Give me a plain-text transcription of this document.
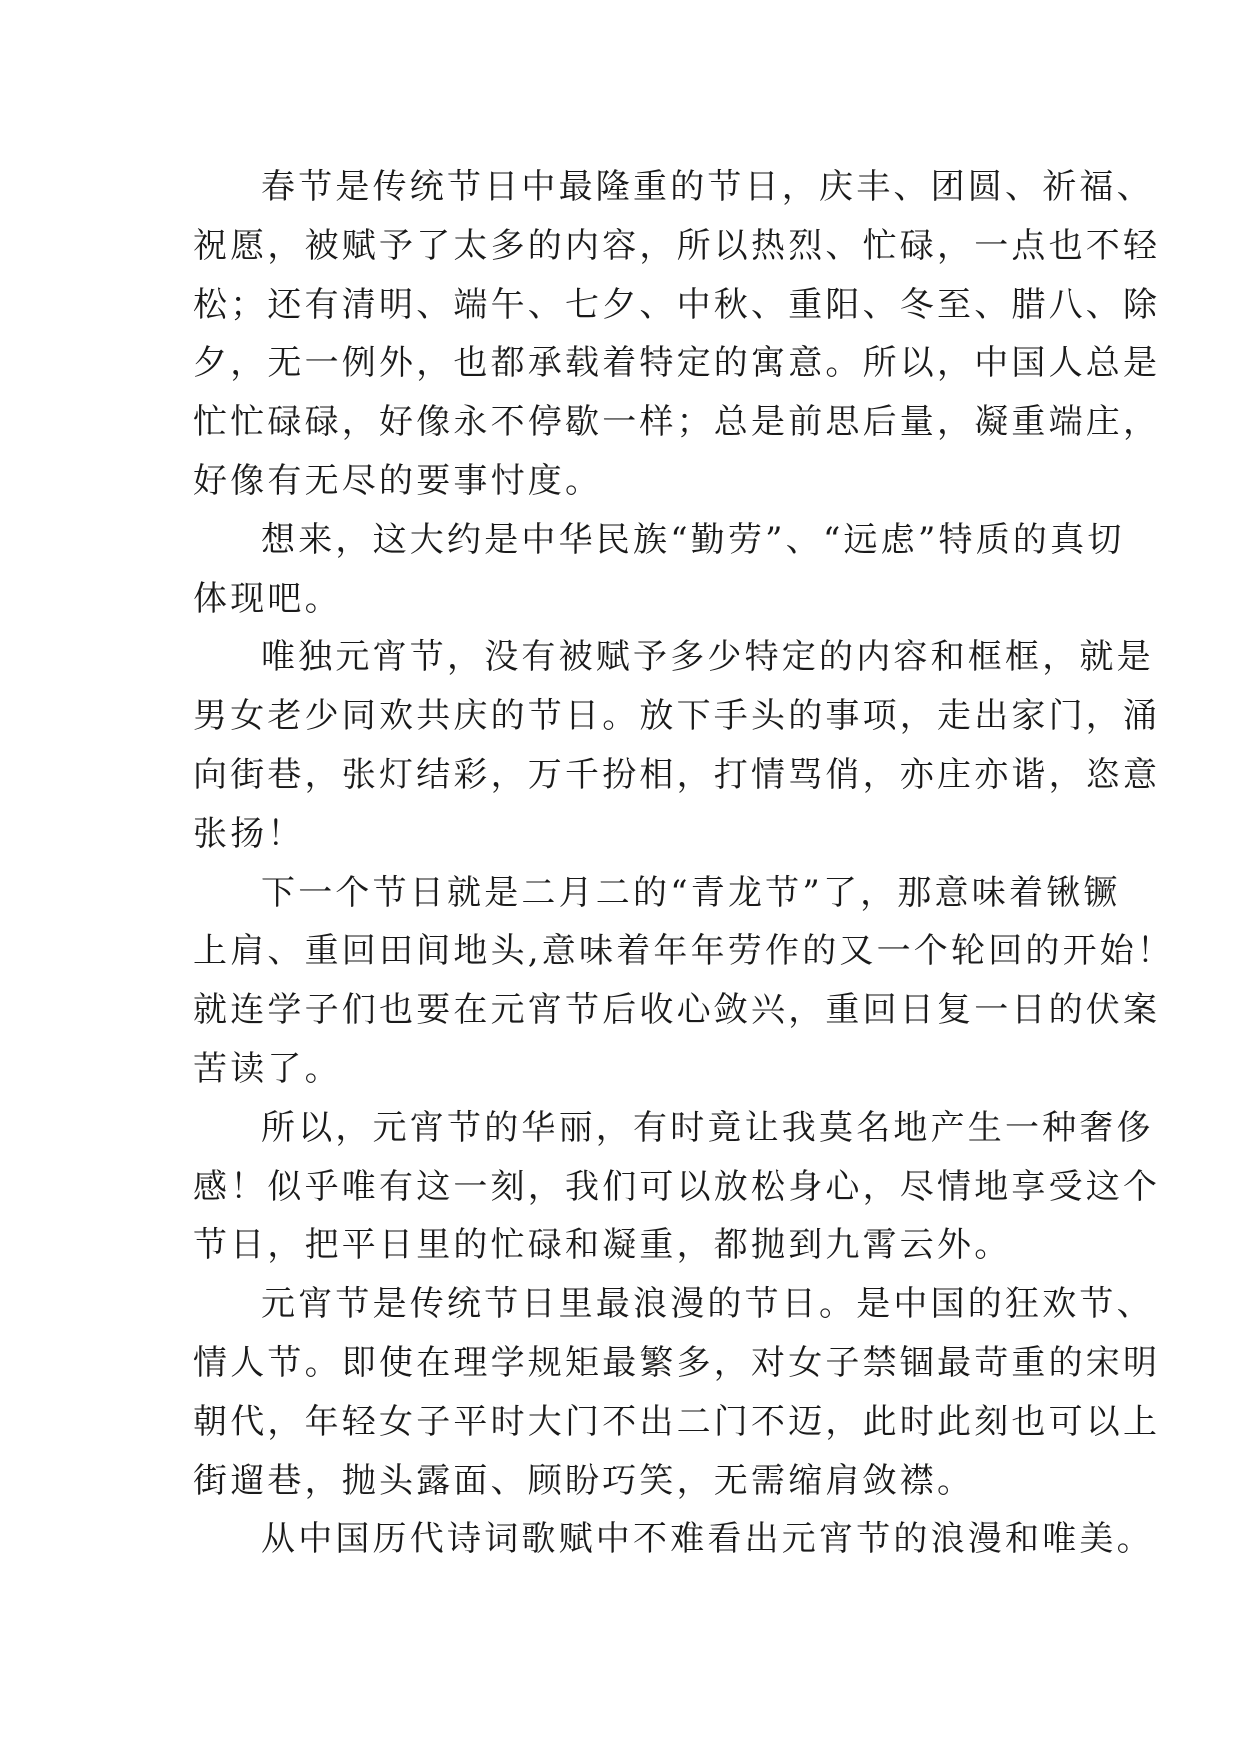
春节是传统节日中最隆重的节日，庆丰、团圆、祈福、
祝愿，被赋予了太多的内容，所以热烈、忙碌，一点也不轻
松；还有清明、端午、七夕、中秋、重阳、冬至、腊八、除
夕，无一例外，也都承载着特定的寓意。所以，中国人总是
忙忙碌碌，好像永不停歇一样；总是前思后量，凝重端庄，
好像有无尽的要事忖度。
想来，这大约是中华民族“勤劳”、“远虑”特质的真切
体现吧。
唯独元宵节，没有被赋予多少特定的内容和框框，就是
男女老少同欢共庆的节日。放下手头的事项，走出家门，涌
向街巷，张灯结彩，万千扮相，打情骂俏，亦庄亦谐，恣意
张扬！
下一个节日就是二月二的“青龙节”了，那意味着锹镢
上肩、重回田间地头,意味着年年劳作的又一个轮回的开始！
就连学子们也要在元宵节后收心敛兴，重回日复一日的伏案
苦读了。
所以，元宵节的华丽，有时竟让我莫名地产生一种奢侈
感！似乎唯有这一刻，我们可以放松身心，尽情地享受这个
节日，把平日里的忙碌和凝重，都抛到九霄云外。
元宵节是传统节日里最浪漫的节日。是中国的狂欢节、
情人节。即使在理学规矩最繁多，对女子禁锢最苛重的宋明
朝代，年轻女子平时大门不出二门不迈，此时此刻也可以上
街遛巷，抛头露面、顾盼巧笑，无需缩肩敛襟。
从中国历代诗词歌赋中不难看出元宵节的浪漫和唯美。
